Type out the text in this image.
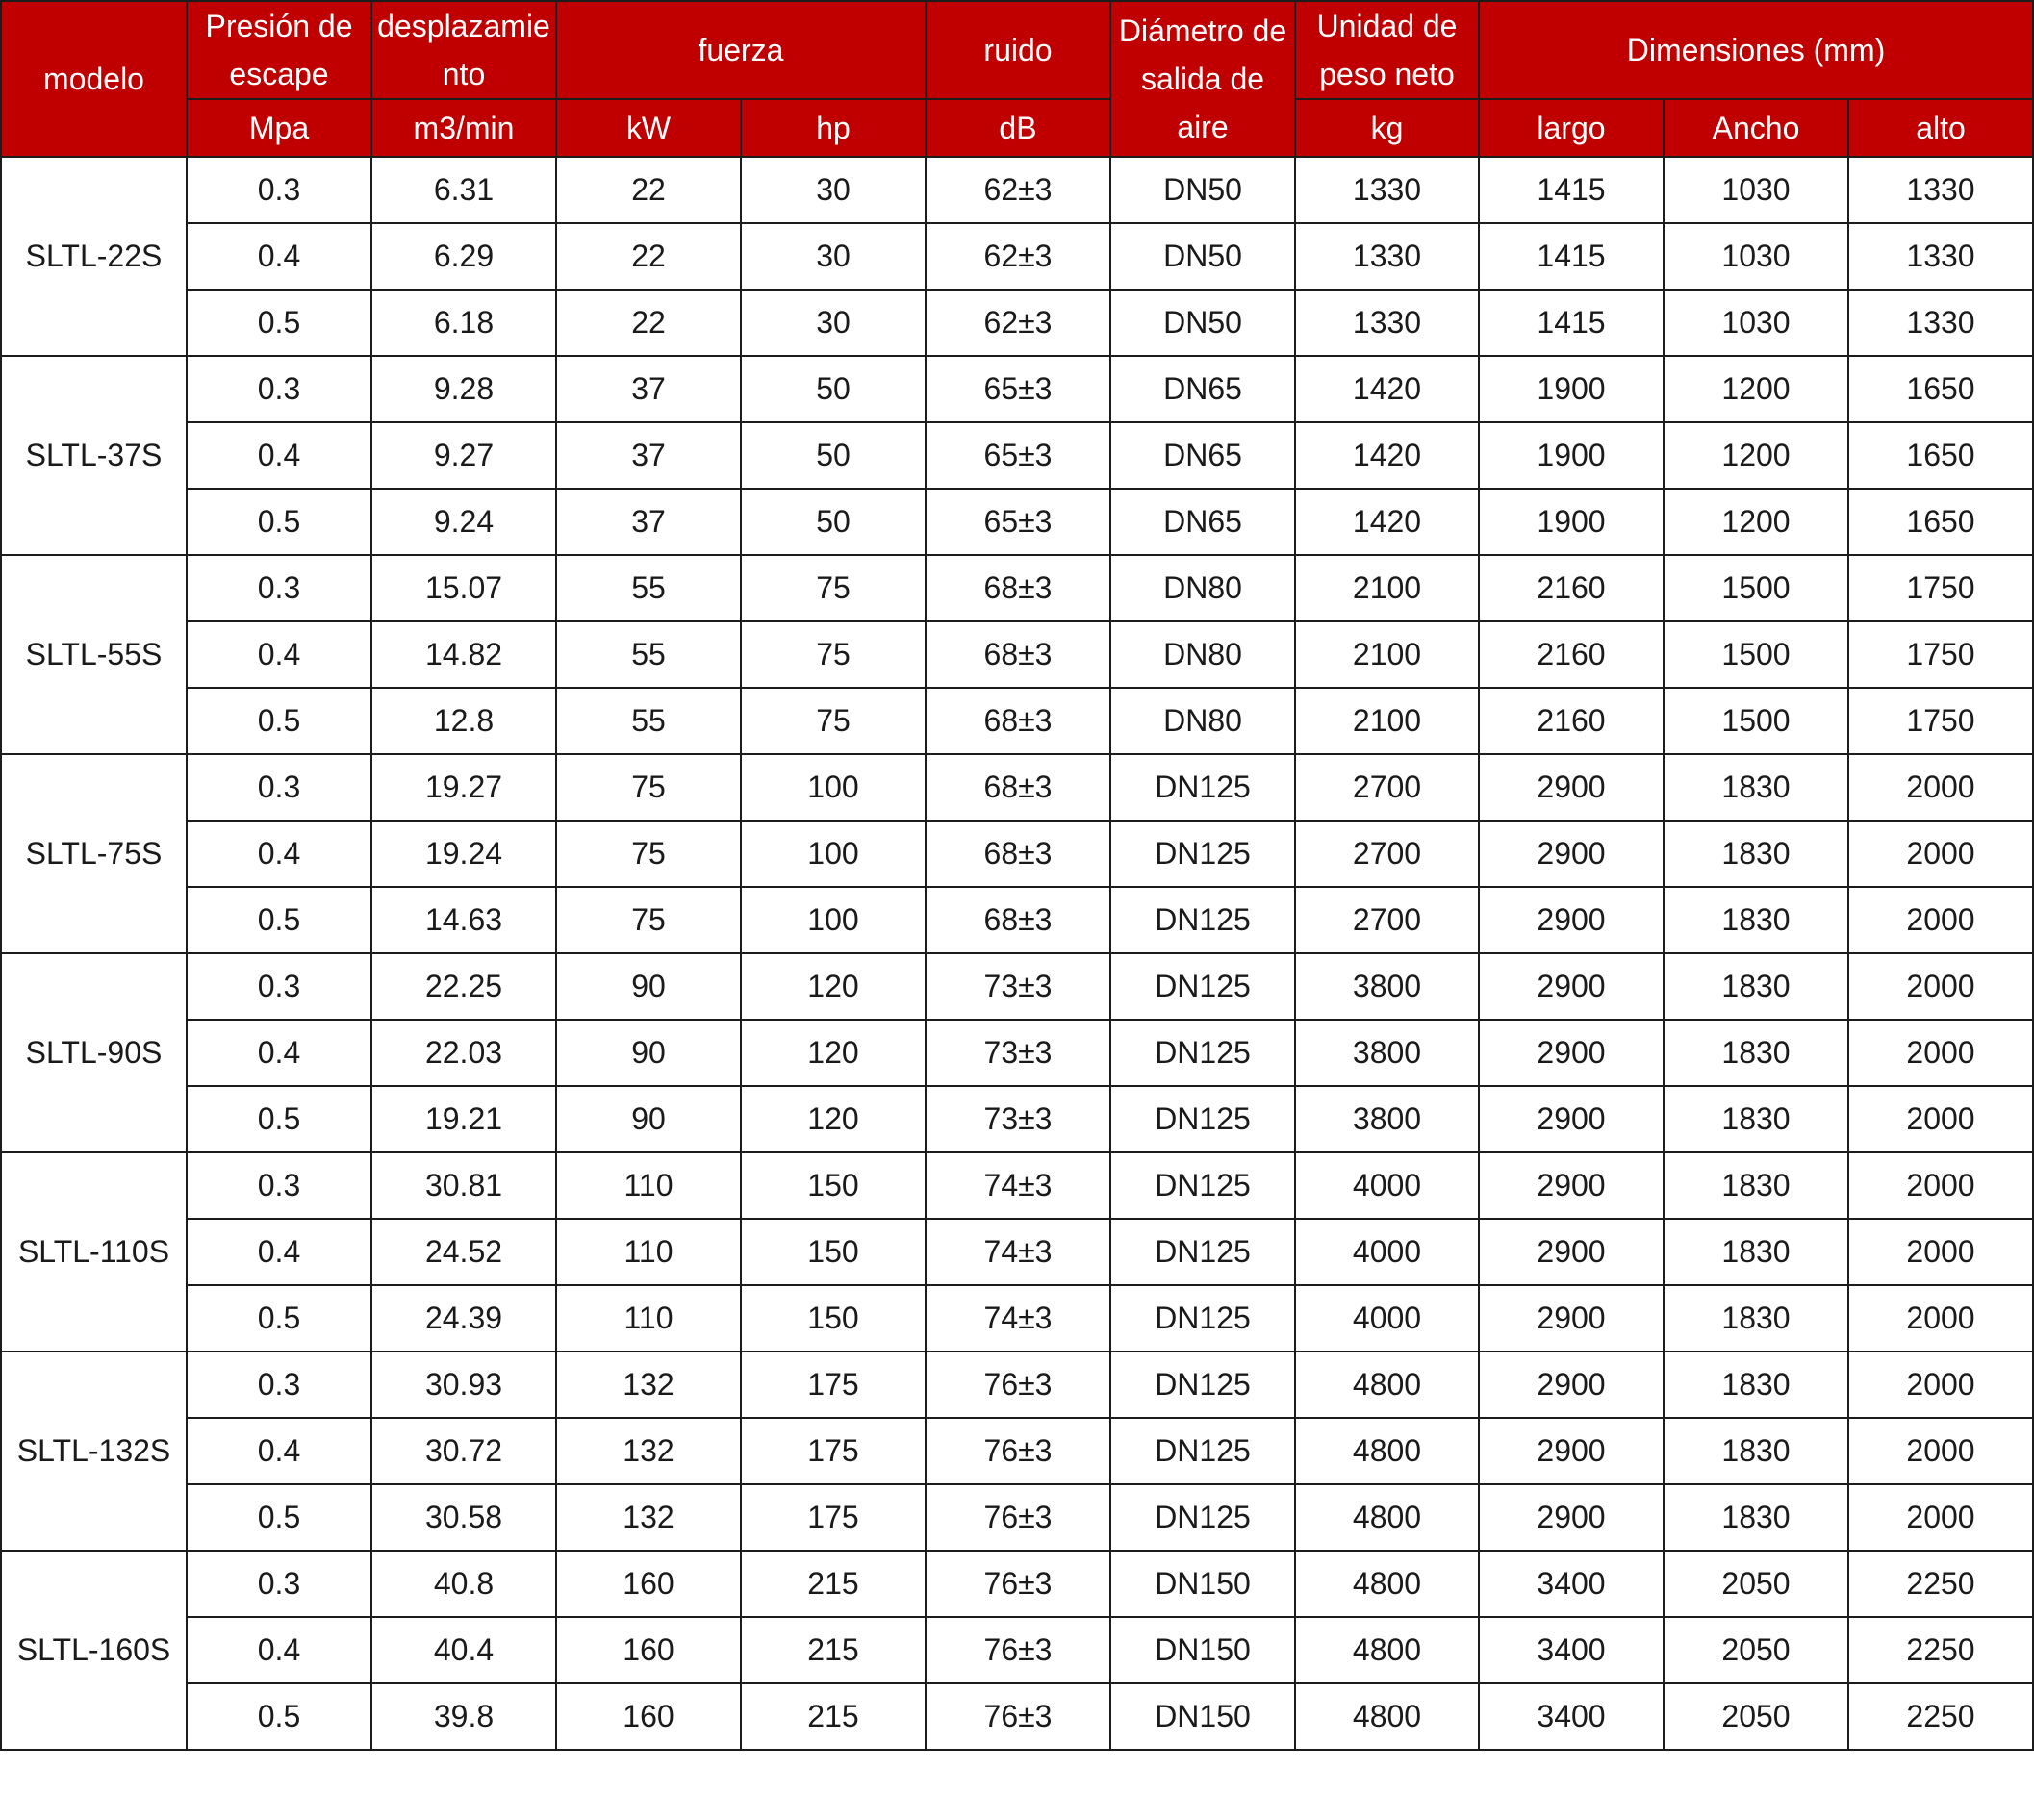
modelo	Presión de escape	desplazamiento	fuerza		ruido	Diámetro de salida de aire	Unidad de peso neto	Dimensiones (mm)		
	Mpa	m3/min	kW	hp	dB		kg	largo	Ancho	alto
SLTL-22S	0.3	6.31	22	30	62±3	DN50	1330	1415	1030	1330
	0.4	6.29	22	30	62±3	DN50	1330	1415	1030	1330
	0.5	6.18	22	30	62±3	DN50	1330	1415	1030	1330
SLTL-37S	0.3	9.28	37	50	65±3	DN65	1420	1900	1200	1650
	0.4	9.27	37	50	65±3	DN65	1420	1900	1200	1650
	0.5	9.24	37	50	65±3	DN65	1420	1900	1200	1650
SLTL-55S	0.3	15.07	55	75	68±3	DN80	2100	2160	1500	1750
	0.4	14.82	55	75	68±3	DN80	2100	2160	1500	1750
	0.5	12.8	55	75	68±3	DN80	2100	2160	1500	1750
SLTL-75S	0.3	19.27	75	100	68±3	DN125	2700	2900	1830	2000
	0.4	19.24	75	100	68±3	DN125	2700	2900	1830	2000
	0.5	14.63	75	100	68±3	DN125	2700	2900	1830	2000
SLTL-90S	0.3	22.25	90	120	73±3	DN125	3800	2900	1830	2000
	0.4	22.03	90	120	73±3	DN125	3800	2900	1830	2000
	0.5	19.21	90	120	73±3	DN125	3800	2900	1830	2000
SLTL-110S	0.3	30.81	110	150	74±3	DN125	4000	2900	1830	2000
	0.4	24.52	110	150	74±3	DN125	4000	2900	1830	2000
	0.5	24.39	110	150	74±3	DN125	4000	2900	1830	2000
SLTL-132S	0.3	30.93	132	175	76±3	DN125	4800	2900	1830	2000
	0.4	30.72	132	175	76±3	DN125	4800	2900	1830	2000
	0.5	30.58	132	175	76±3	DN125	4800	2900	1830	2000
SLTL-160S	0.3	40.8	160	215	76±3	DN150	4800	3400	2050	2250
	0.4	40.4	160	215	76±3	DN150	4800	3400	2050	2250
	0.5	39.8	160	215	76±3	DN150	4800	3400	2050	2250
